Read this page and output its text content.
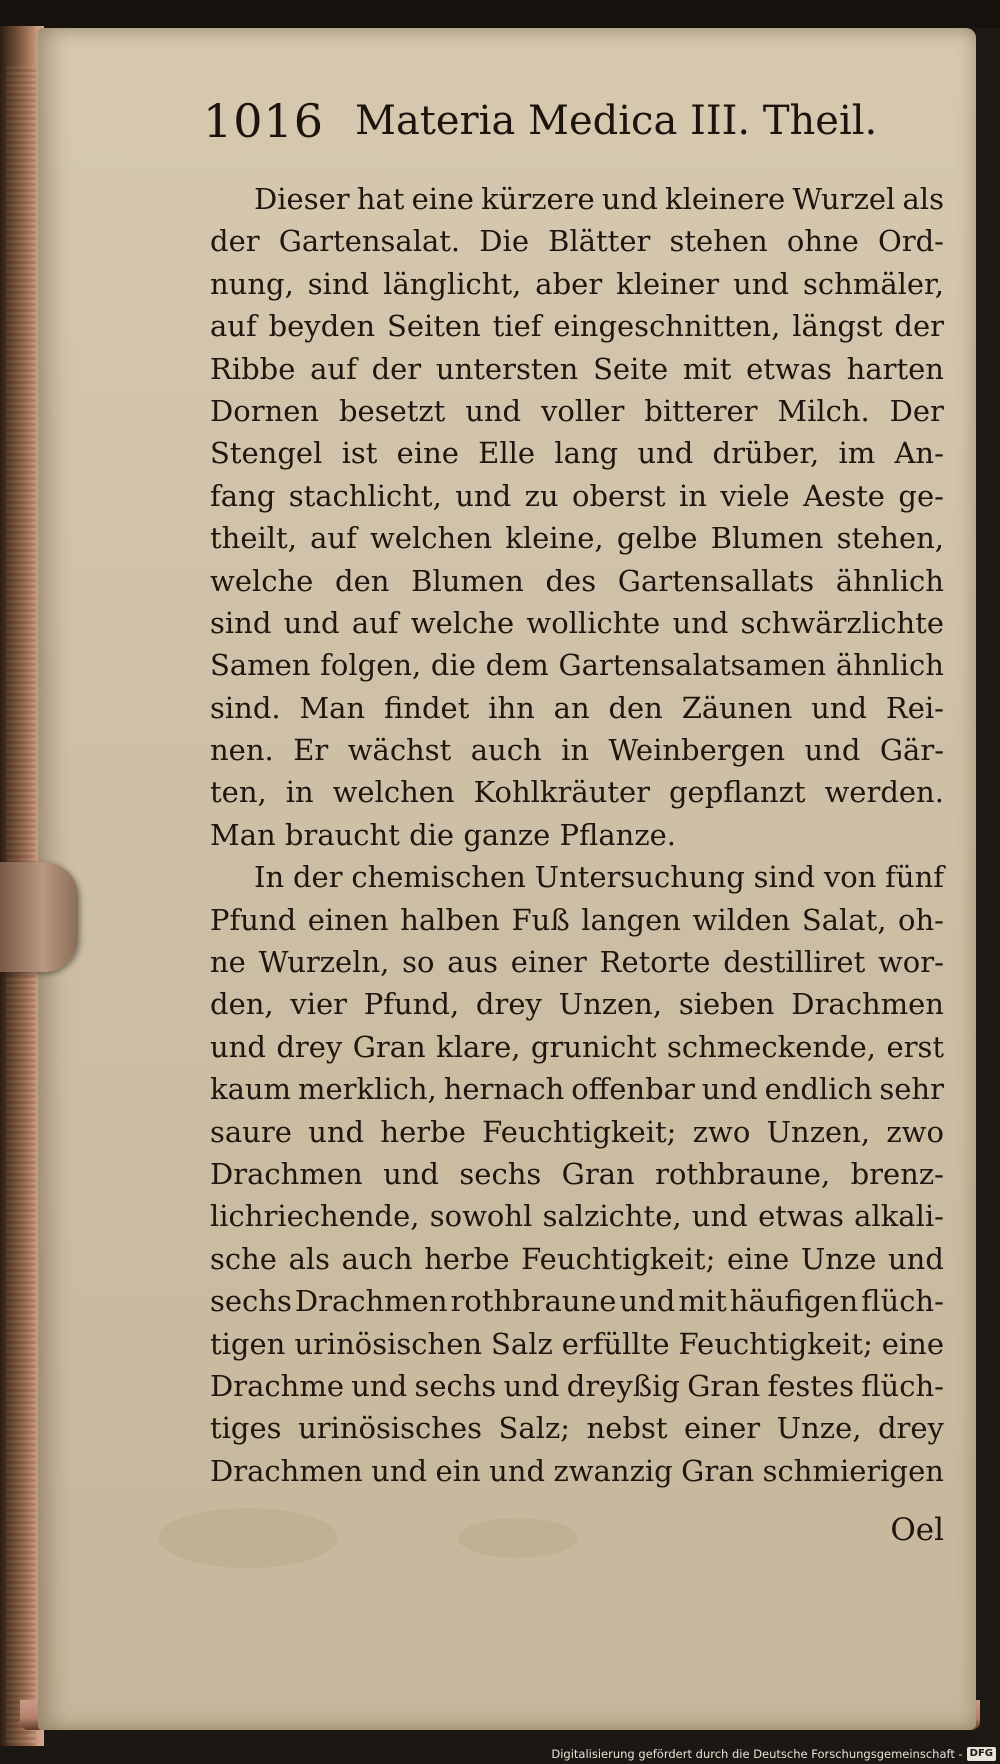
1016 Materia Medica III. Theil.
Dieser hat eine kürzere und kleinere Wurzel als
der Gartensalat. Die Blätter stehen ohne Ord-
nung, sind länglicht, aber kleiner und schmäler,
auf beyden Seiten tief eingeschnitten, längst der
Ribbe auf der untersten Seite mit etwas harten
Dornen besetzt und voller bitterer Milch. Der
Stengel ist eine Elle lang und drüber, im An-
fang stachlicht, und zu oberst in viele Aeste ge-
theilt, auf welchen kleine, gelbe Blumen stehen,
welche den Blumen des Gartensallats ähnlich
sind und auf welche wollichte und schwärzlichte
Samen folgen, die dem Gartensalatsamen ähnlich
sind. Man findet ihn an den Zäunen und Rei-
nen. Er wächst auch in Weinbergen und Gär-
ten, in welchen Kohlkräuter gepflanzt werden.
Man braucht die ganze Pflanze.
In der chemischen Untersuchung sind von fünf
Pfund einen halben Fuß langen wilden Salat, oh-
ne Wurzeln, so aus einer Retorte destilliret wor-
den, vier Pfund, drey Unzen, sieben Drachmen
und drey Gran klare, grunicht schmeckende, erst
kaum merklich, hernach offenbar und endlich sehr
saure und herbe Feuchtigkeit; zwo Unzen, zwo
Drachmen und sechs Gran rothbraune, brenz-
lichriechende, sowohl salzichte, und etwas alkali-
sche als auch herbe Feuchtigkeit; eine Unze und
sechs Drachmen rothbraune und mit häufigen flüch-
tigen urinösischen Salz erfüllte Feuchtigkeit; eine
Drachme und sechs und dreyßig Gran festes flüch-
tiges urinösisches Salz; nebst einer Unze, drey
Drachmen und ein und zwanzig Gran schmierigen
Oel
Digitalisierung gefördert durch die Deutsche Forschungsgemeinschaft - DFG
